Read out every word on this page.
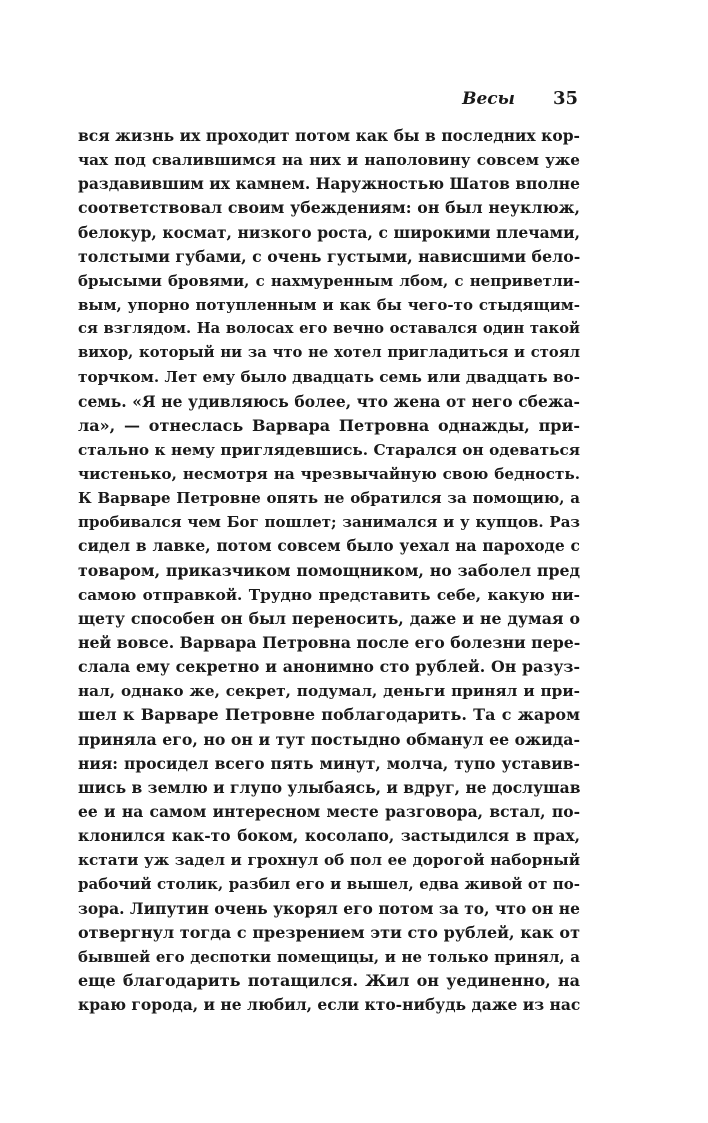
Весы 35
вся жизнь их проходит потом как бы в последних кор-
чах под свалившимся на них и наполовину совсем уже
раздавившим их камнем. Наружностью Шатов вполне
соответствовал своим убеждениям: он был неуклюж,
белокур, космат, низкого роста, с широкими плечами,
толстыми губами, с очень густыми, нависшими бело-
брысыми бровями, с нахмуренным лбом, с неприветли-
вым, упорно потупленным и как бы чего-то стыдящим-
ся взглядом. На волосах его вечно оставался один такой
вихор, который ни за что не хотел пригладиться и стоял
торчком. Лет ему было двадцать семь или двадцать во-
семь. «Я не удивляюсь более, что жена от него сбежа-
ла», — отнеслась Варвара Петровна однажды, при-
стально к нему приглядевшись. Старался он одеваться
чистенько, несмотря на чрезвычайную свою бедность.
К Варваре Петровне опять не обратился за помощию, а
пробивался чем Бог пошлет; занимался и у купцов. Раз
сидел в лавке, потом совсем было уехал на пароходе с
товаром, приказчиком помощником, но заболел пред
самою отправкой. Трудно представить себе, какую ни-
щету способен он был переносить, даже и не думая о
ней вовсе. Варвара Петровна после его болезни пере-
слала ему секретно и анонимно сто рублей. Он разуз-
нал, однако же, секрет, подумал, деньги принял и при-
шел к Варваре Петровне поблагодарить. Та с жаром
приняла его, но он и тут постыдно обманул ее ожида-
ния: просидел всего пять минут, молча, тупо уставив-
шись в землю и глупо улыбаясь, и вдруг, не дослушав
ее и на самом интересном месте разговора, встал, по-
клонился как-то боком, косолапо, застыдился в прах,
кстати уж задел и грохнул об пол ее дорогой наборный
рабочий столик, разбил его и вышел, едва живой от по-
зора. Липутин очень укорял его потом за то, что он не
отвергнул тогда с презрением эти сто рублей, как от
бывшей его деспотки помещицы, и не только принял, а
еще благодарить потащился. Жил он уединенно, на
краю города, и не любил, если кто-нибудь даже из нас
